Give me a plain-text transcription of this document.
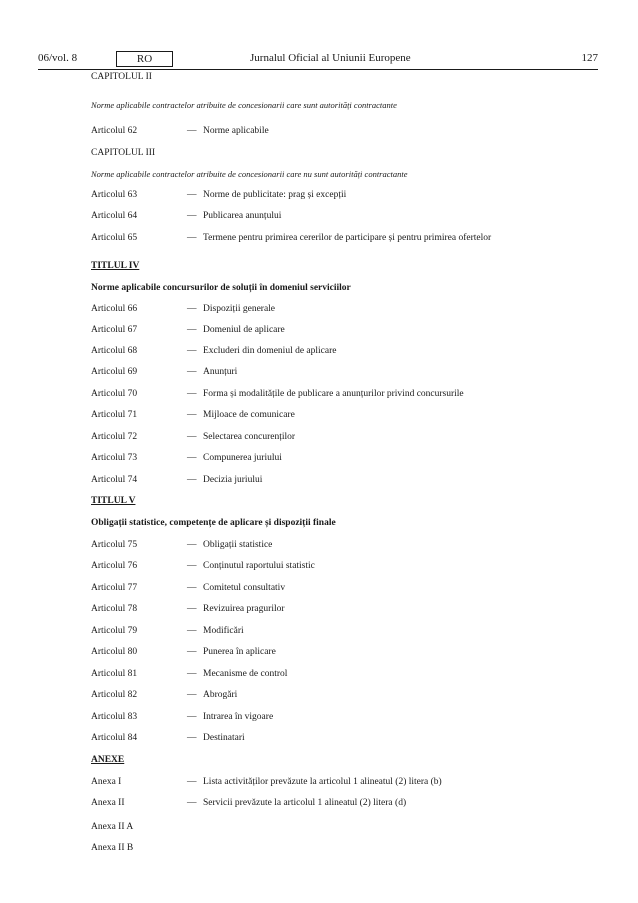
06/vol. 8	RO	Jurnalul Oficial al Uniunii Europene	127
CAPITOLUL II
Norme aplicabile contractelor atribuite de concesionarii care sunt autorități contractante
Articolul 62	— Norme aplicabile
CAPITOLUL III
Norme aplicabile contractelor atribuite de concesionarii care nu sunt autorități contractante
Articolul 63	— Norme de publicitate: prag și excepții
Articolul 64	— Publicarea anunțului
Articolul 65	— Termene pentru primirea cererilor de participare și pentru primirea ofertelor
TITLUL IV
Norme aplicabile concursurilor de soluții în domeniul serviciilor
Articolul 66	— Dispoziții generale
Articolul 67	— Domeniul de aplicare
Articolul 68	— Excluderi din domeniul de aplicare
Articolul 69	— Anunțuri
Articolul 70	— Forma și modalitățile de publicare a anunțurilor privind concursurile
Articolul 71	— Mijloace de comunicare
Articolul 72	— Selectarea concurenților
Articolul 73	— Compunerea juriului
Articolul 74	— Decizia juriului
TITLUL V
Obligații statistice, competențe de aplicare și dispoziții finale
Articolul 75	— Obligații statistice
Articolul 76	— Conținutul raportului statistic
Articolul 77	— Comitetul consultativ
Articolul 78	— Revizuirea pragurilor
Articolul 79	— Modificări
Articolul 80	— Punerea în aplicare
Articolul 81	— Mecanisme de control
Articolul 82	— Abrogări
Articolul 83	— Intrarea în vigoare
Articolul 84	— Destinatari
ANEXE
Anexa I	— Lista activităților prevăzute la articolul 1 alineatul (2) litera (b)
Anexa II	— Servicii prevăzute la articolul 1 alineatul (2) litera (d)
Anexa II A
Anexa II B
